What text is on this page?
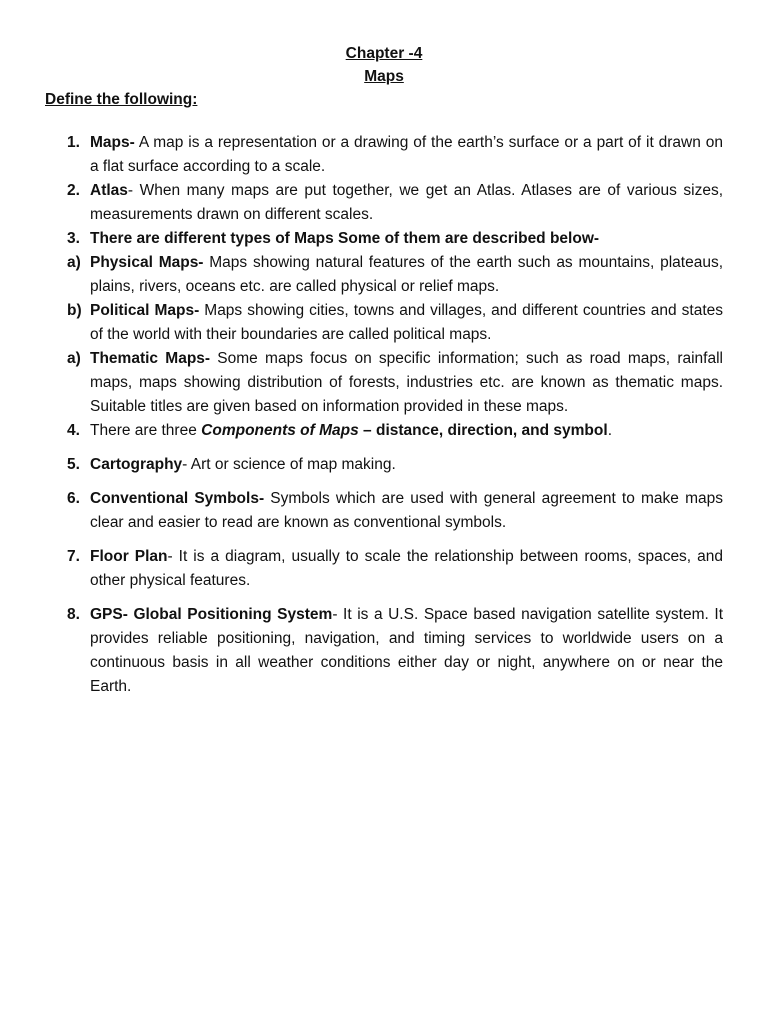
Chapter -4

Maps

Define the following:

1. Maps- A map is a representation or a drawing of the earth’s surface or a part of it drawn on a flat surface according to a scale.
2. Atlas- When many maps are put together, we get an Atlas. Atlases are of various sizes, measurements drawn on different scales.
3. There are different types of Maps Some of them are described below-
a) Physical Maps- Maps showing natural features of the earth such as mountains, plateaus, plains, rivers, oceans etc. are called physical or relief maps.
b) Political Maps- Maps showing cities, towns and villages, and different countries and states of the world with their boundaries are called political maps.
a) Thematic Maps- Some maps focus on specific information; such as road maps, rainfall maps, maps showing distribution of forests, industries etc. are known as thematic maps. Suitable titles are given based on information provided in these maps.
4. There are three Components of Maps – distance, direction, and symbol.
5. Cartography- Art or science of map making.
6. Conventional Symbols- Symbols which are used with general agreement to make maps clear and easier to read are known as conventional symbols.
7. Floor Plan- It is a diagram, usually to scale the relationship between rooms, spaces, and other physical features.
8. GPS- Global Positioning System- It is a U.S. Space based navigation satellite system. It provides reliable positioning, navigation, and timing services to worldwide users on a continuous basis in all weather conditions either day or night, anywhere on or near the Earth.
